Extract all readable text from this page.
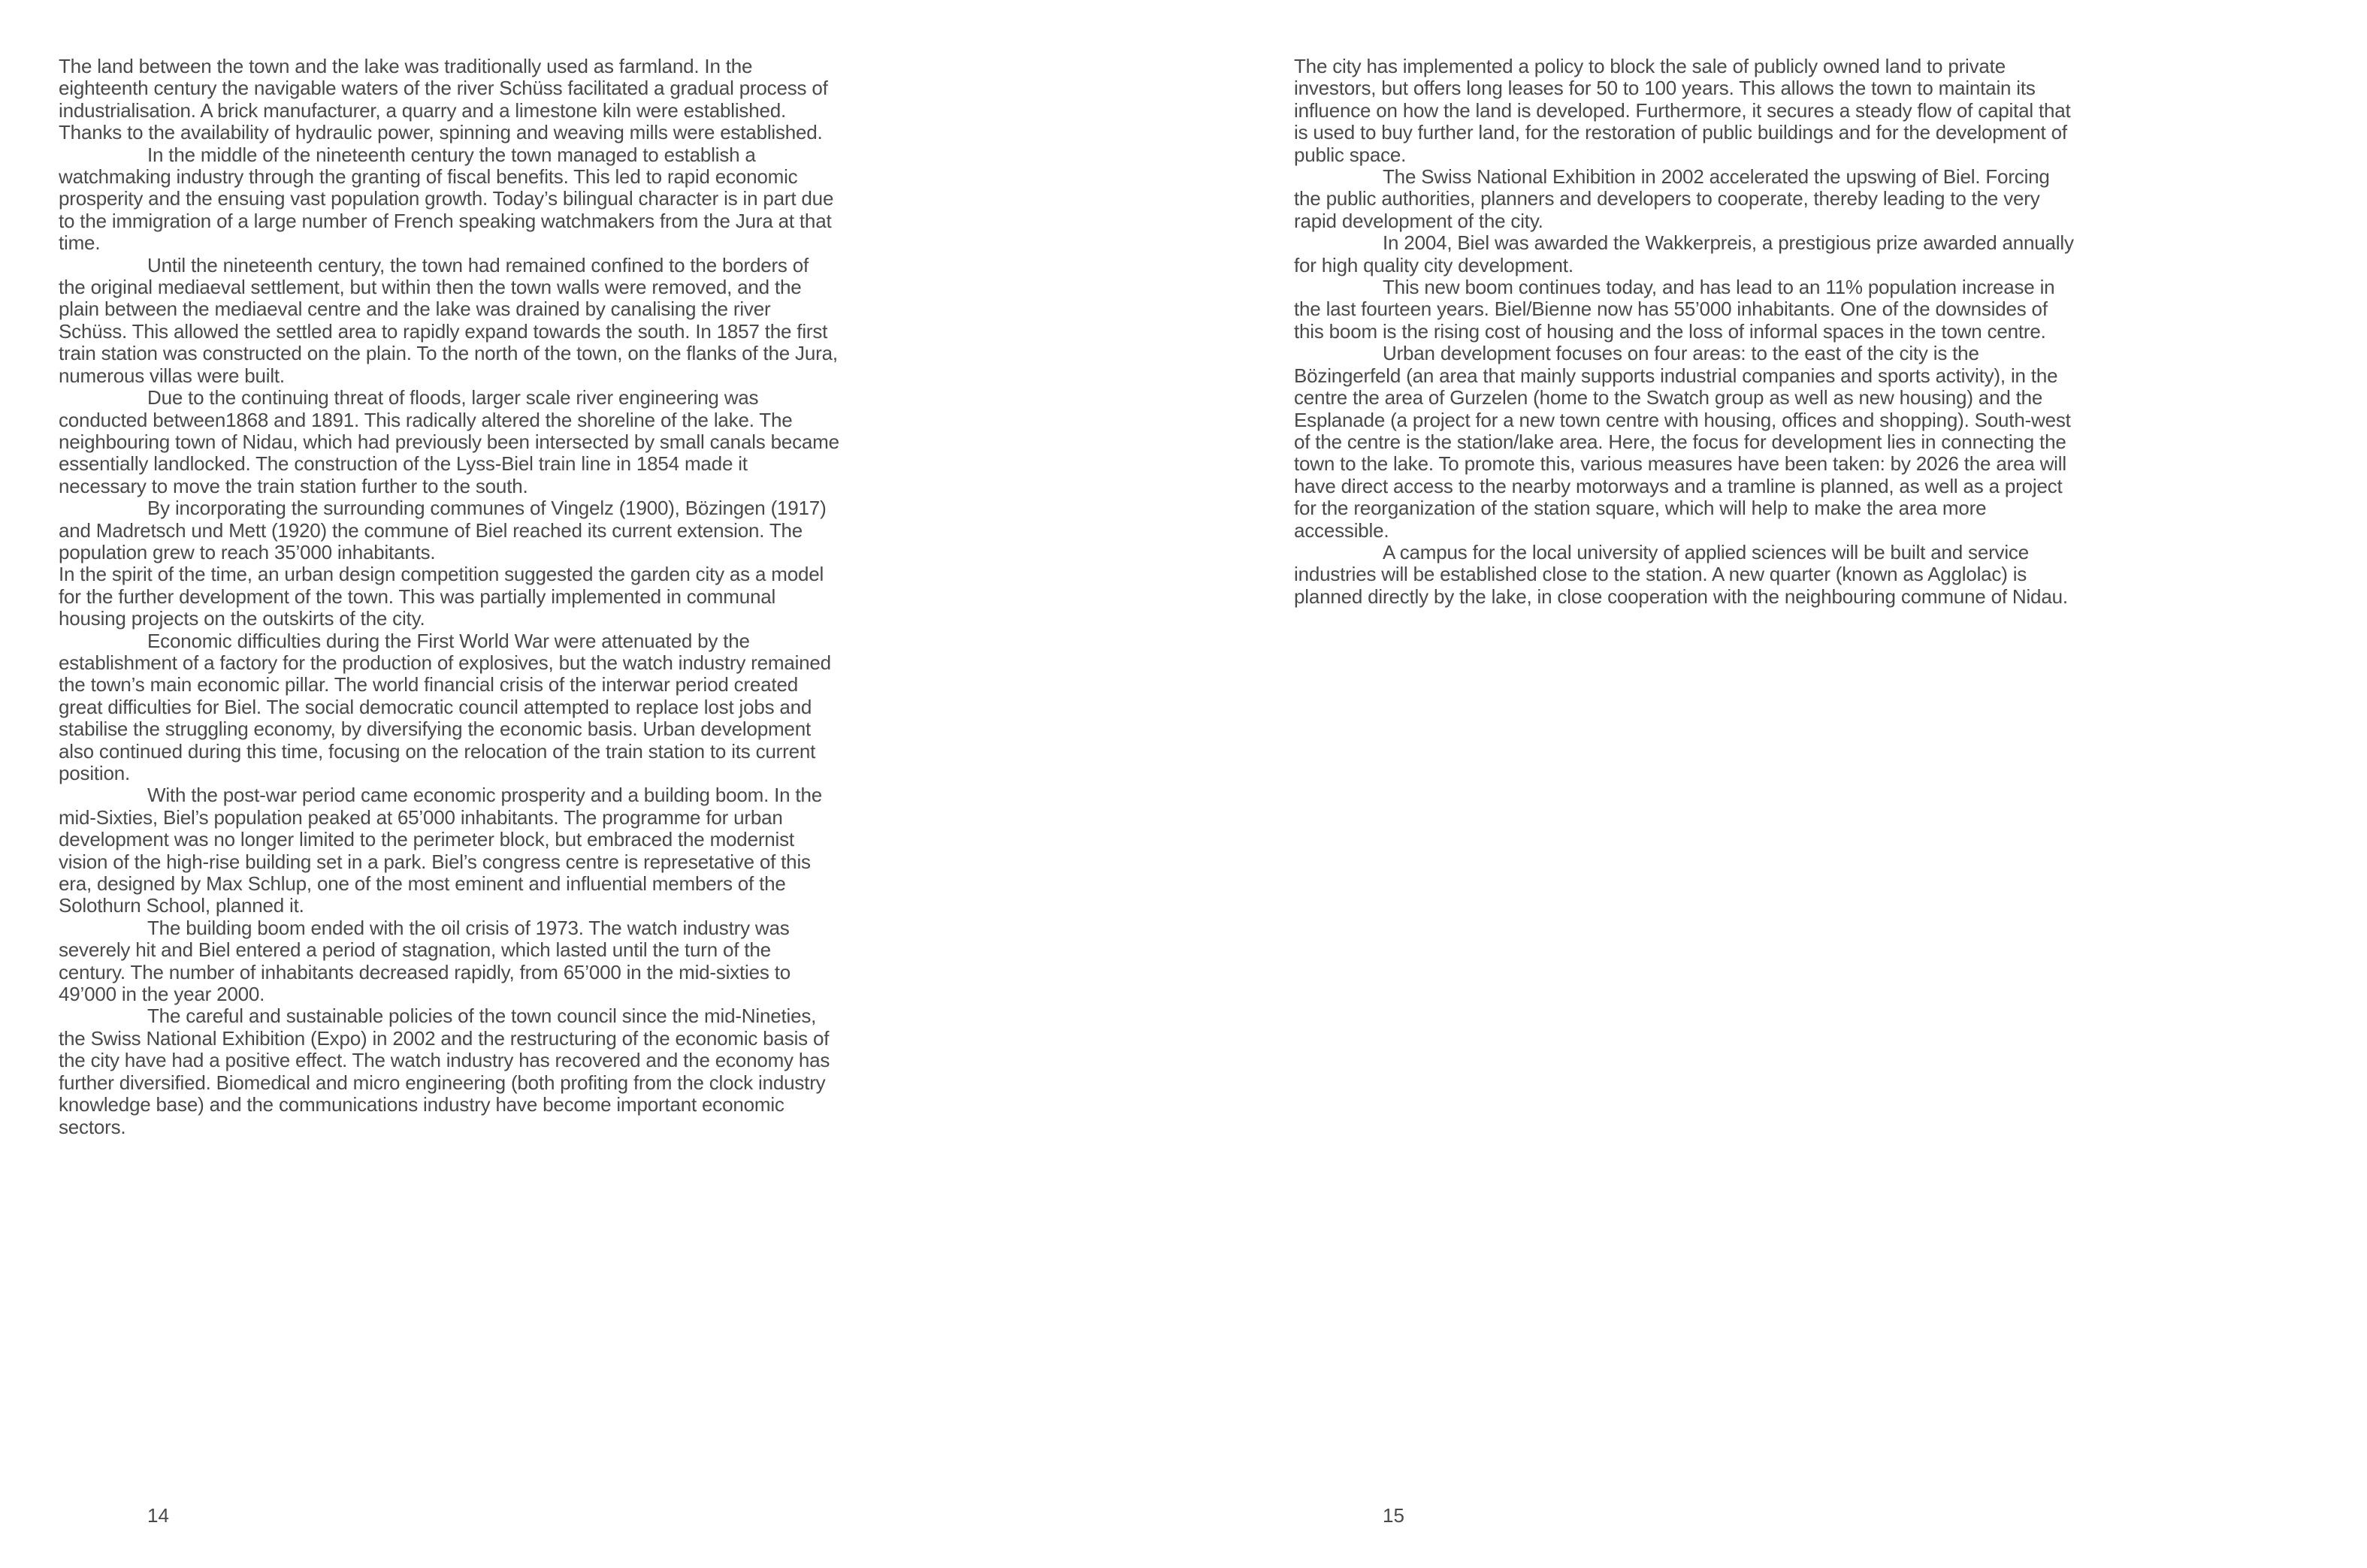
The land between the town and the lake was traditionally used as farmland. In the eighteenth century the navigable waters of the river Schüss facilitated a gradual process of industrialisation. A brick manufacturer, a quarry and a limestone kiln were established. Thanks to the availability of hydraulic power, spinning and weaving mills were established.

In the middle of the nineteenth century the town managed to establish a watchmaking industry through the granting of fiscal benefits. This led to rapid economic prosperity and the ensuing vast population growth. Today’s bilingual character is in part due to the immigration of a large number of French speaking watchmakers from the Jura at that time.

Until the nineteenth century, the town had remained confined to the borders of the original mediaeval settlement, but within then the town walls were removed, and the plain between the mediaeval centre and the lake was drained by canalising the river Schüss. This allowed the settled area to rapidly expand towards the south. In 1857 the first train station was constructed on the plain. To the north of the town, on the flanks of the Jura, numerous villas were built.

Due to the continuing threat of floods, larger scale river engineering was conducted between1868 and 1891. This radically altered the shoreline of the lake. The neighbouring town of Nidau, which had previously been intersected by small canals became essentially landlocked. The construction of the Lyss-Biel train line in 1854 made it necessary to move the train station further to the south.

By incorporating the surrounding communes of Vingelz (1900), Bözingen (1917) and Madretsch und Mett (1920) the commune of Biel reached its current extension. The population grew to reach 35’000 inhabitants.

In the spirit of the time, an urban design competition suggested the garden city as a model for the further development of the town. This was partially implemented in communal housing projects on the outskirts of the city.

Economic difficulties during the First World War were attenuated by the establishment of a factory for the production of explosives, but the watch industry remained the town’s main economic pillar. The world financial crisis of the interwar period created great difficulties for Biel. The social democratic council attempted to replace lost jobs and stabilise the struggling economy, by diversifying the economic basis. Urban development also continued during this time, focusing on the relocation of the train station to its current position.

With the post-war period came economic prosperity and a building boom. In the mid-Sixties, Biel’s population peaked at 65’000 inhabitants. The programme for urban development was no longer limited to the perimeter block, but embraced the modernist vision of the high-rise building set in a park. Biel’s congress centre is represetative of this era, designed by Max Schlup, one of the most eminent and influential members of the Solothurn School, planned it.

The building boom ended with the oil crisis of 1973. The watch industry was severely hit and Biel entered a period of stagnation, which lasted until the turn of the century. The number of inhabitants decreased rapidly, from 65’000 in the mid-sixties to 49’000 in the year 2000.

The careful and sustainable policies of the town council since the mid-Nineties, the Swiss National Exhibition (Expo) in 2002 and the restructuring of the economic basis of the city have had a positive effect. The watch industry has recovered and the economy has further diversified. Biomedical and micro engineering (both profiting from the clock industry knowledge base) and the communications industry have become important economic sectors.

14

The city has implemented a policy to block the sale of publicly owned land to private investors, but offers long leases for 50 to 100 years. This allows the town to maintain its influence on how the land is developed. Furthermore, it secures a steady flow of capital that is used to buy further land, for the restoration of public buildings and for the development of public space.

The Swiss National Exhibition in 2002 accelerated the upswing of Biel. Forcing the public authorities, planners and developers to cooperate, thereby leading to the very rapid development of the city.

In 2004, Biel was awarded the Wakkerpreis, a prestigious prize awarded annually for high quality city development.

This new boom continues today, and has lead to an 11% population increase in the last fourteen years. Biel/Bienne now has 55’000 inhabitants. One of the downsides of this boom is the rising cost of housing and the loss of informal spaces in the town centre.

Urban development focuses on four areas: to the east of the city is the Bözingerfeld (an area that mainly supports industrial companies and sports activity), in the centre the area of Gurzelen (home to the Swatch group as well as new housing) and the Esplanade (a project for a new town centre with housing, offices and shopping). South-west of the centre is the station/lake area. Here, the focus for development lies in connecting the town to the lake. To promote this, various measures have been taken: by 2026 the area will have direct access to the nearby motorways and a tramline is planned, as well as a project for the reorganization of the station square, which will help to make the area more accessible.

A campus for the local university of applied sciences will be built and service industries will be established close to the station. A new quarter (known as Agglolac) is planned directly by the lake, in close cooperation with the neighbouring commune of Nidau.

15
